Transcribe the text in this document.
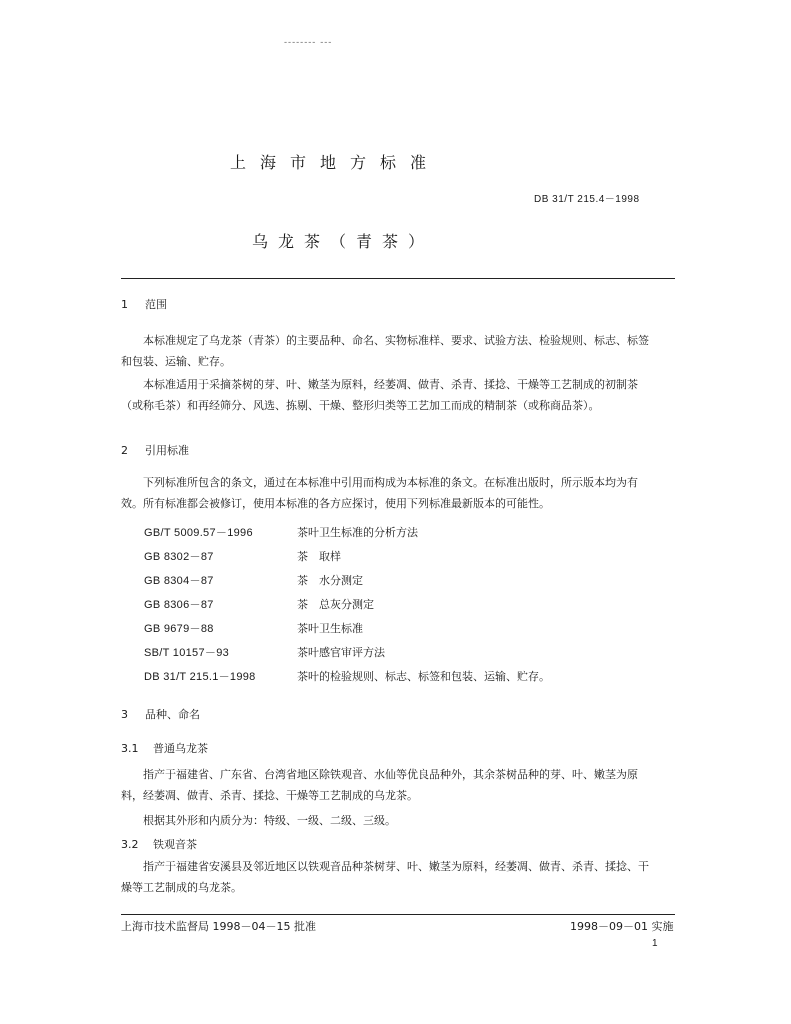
-------- ---
上海市地方标准
DB 31/T 215.4－1998
乌龙茶（青茶）
1 范围
本标准规定了乌龙茶（青茶）的主要品种、命名、实物标准样、要求、试验方法、检验规则、标志、标签和包装、运输、贮存。
本标准适用于采摘茶树的芽、叶、嫩茎为原料，经萎凋、做青、杀青、揉捻、干燥等工艺制成的初制茶（或称毛茶）和再经筛分、风选、拣剔、干燥、整形归类等工艺加工而成的精制茶（或称商品茶）。
2 引用标准
下列标准所包含的条文，通过在本标准中引用而构成为本标准的条文。在标准出版时，所示版本均为有效。所有标准都会被修订，使用本标准的各方应探讨，使用下列标准最新版本的可能性。
GB/T 5009.57－1996	茶叶卫生标准的分析方法
GB 8302－87	茶　取样
GB 8304－87	茶　水分测定
GB 8306－87	茶　总灰分测定
GB 9679－88	茶叶卫生标准
SB/T 10157－93	茶叶感官审评方法
DB 31/T 215.1－1998	茶叶的检验规则、标志、标签和包装、运输、贮存。
3 品种、命名
3.1 普通乌龙茶
指产于福建省、广东省、台湾省地区除铁观音、水仙等优良品种外，其余茶树品种的芽、叶、嫩茎为原料，经萎凋、做青、杀青、揉捻、干燥等工艺制成的乌龙茶。
根据其外形和内质分为：特级、一级、二级、三级。
3.2 铁观音茶
指产于福建省安溪县及邻近地区以铁观音品种茶树芽、叶、嫩茎为原料，经萎凋、做青、杀青、揉捻、干燥等工艺制成的乌龙茶。
上海市技术监督局 1998－04－15 批准	1998－09－01 实施
1
